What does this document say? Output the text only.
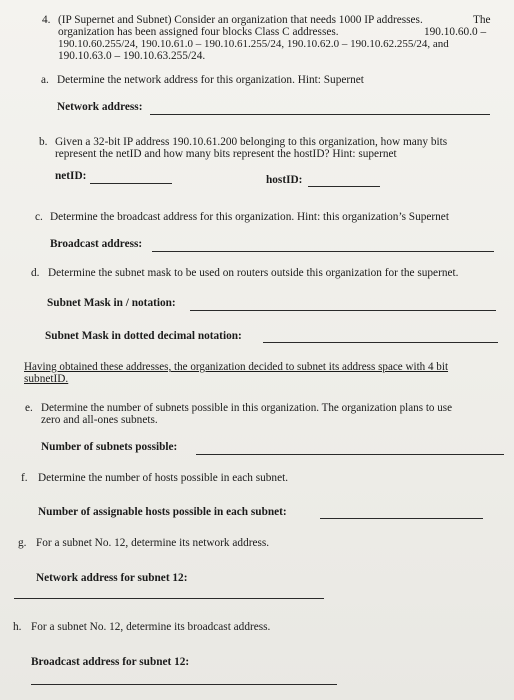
4. (IP Supernet and Subnet) Consider an organization that needs 1000 IP addresses.	The
organization has been assigned four blocks Class C addresses.	190.10.60.0 –
190.10.60.255/24, 190.10.61.0 – 190.10.61.255/24, 190.10.62.0 – 190.10.62.255/24, and
190.10.63.0 – 190.10.63.255/24.
a. Determine the network address for this organization. Hint: Supernet
Network address:
b. Given a 32-bit IP address 190.10.61.200 belonging to this organization, how many bits
represent the netID and how many bits represent the hostID? Hint: supernet
netID:	hostID:
c. Determine the broadcast address for this organization. Hint: this organization’s Supernet
Broadcast address:
d. Determine the subnet mask to be used on routers outside this organization for the supernet.
Subnet Mask in / notation:
Subnet Mask in dotted decimal notation:
Having obtained these addresses, the organization decided to subnet its address space with 4 bit
subnetID.
e. Determine the number of subnets possible in this organization. The organization plans to use
zero and all-ones subnets.
Number of subnets possible:
f. Determine the number of hosts possible in each subnet.
Number of assignable hosts possible in each subnet:
g. For a subnet No. 12, determine its network address.
Network address for subnet 12:
h. For a subnet No. 12, determine its broadcast address.
Broadcast address for subnet 12:
